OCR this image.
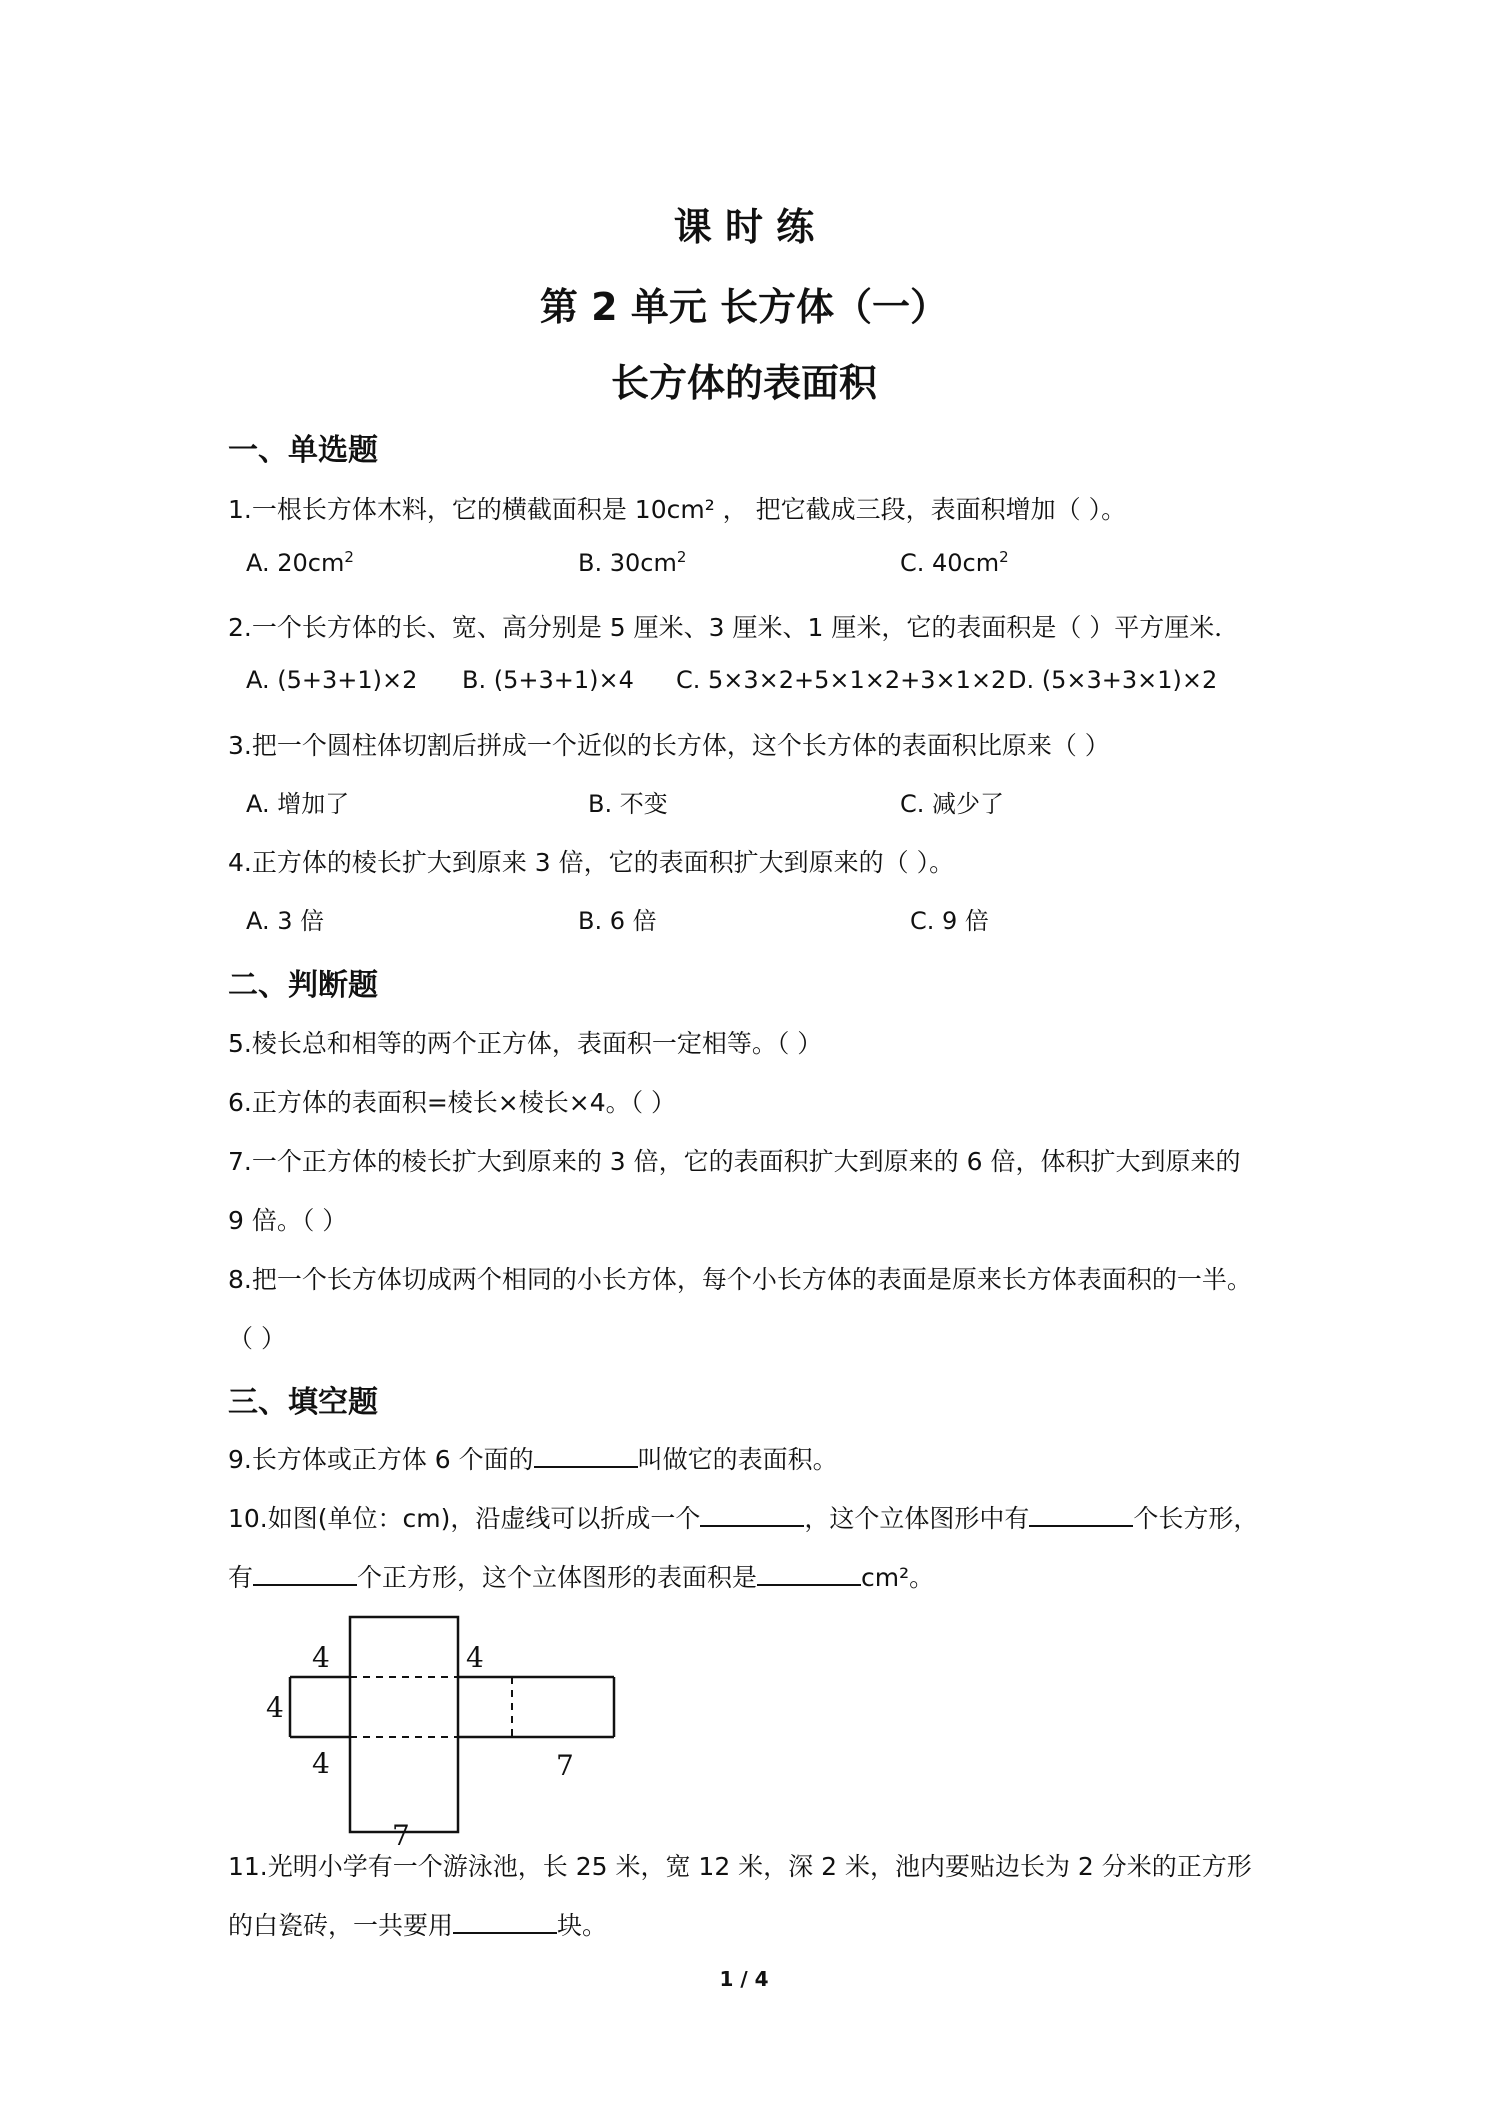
课 时 练
第 2 单元 长方体（一）
长方体的表面积
一、单选题
1.一根长方体木料，它的横截面积是 10cm² ， 把它截成三段，表面积增加（ ）。
A. $20cm^2$	B. $30cm^2$	C. $40cm^2$
2.一个长方体的长、宽、高分别是 5 厘米、3 厘米、1 厘米，它的表面积是（ ）平方厘米．
A. (5+3+1)×2 B. (5+3+1)×4 C. 5×3×2+5×1×2+3×1×2 D. (5×3+3×1)×2
3.把一个圆柱体切割后拼成一个近似的长方体，这个长方体的表面积比原来（ ）
A. 增加了	B. 不变	C. 减少了
4.正方体的棱长扩大到原来 3 倍，它的表面积扩大到原来的（ ）。
A. 3 倍	B. 6 倍	C. 9 倍
二、判断题
5.棱长总和相等的两个正方体，表面积一定相等。（ ）
6.正方体的表面积=棱长×棱长×4。（ ）
7.一个正方体的棱长扩大到原来的 3 倍，它的表面积扩大到原来的 6 倍，体积扩大到原来的
9 倍。（ ）
8.把一个长方体切成两个相同的小长方体，每个小长方体的表面是原来长方体表面积的一半。
（ ）
三、填空题
9.长方体或正方体 6 个面的	叫做它的表面积。
10.如图(单位：cm)，沿虚线可以折成一个	，这个立体图形中有	个长方形，
有	个正方形，这个立体图形的表面积是	cm²。
4	4
4
4	7
7
11.光明小学有一个游泳池，长 25 米，宽 12 米，深 2 米，池内要贴边长为 2 分米的正方形
的白瓷砖，一共要用	块。
1 / 4
